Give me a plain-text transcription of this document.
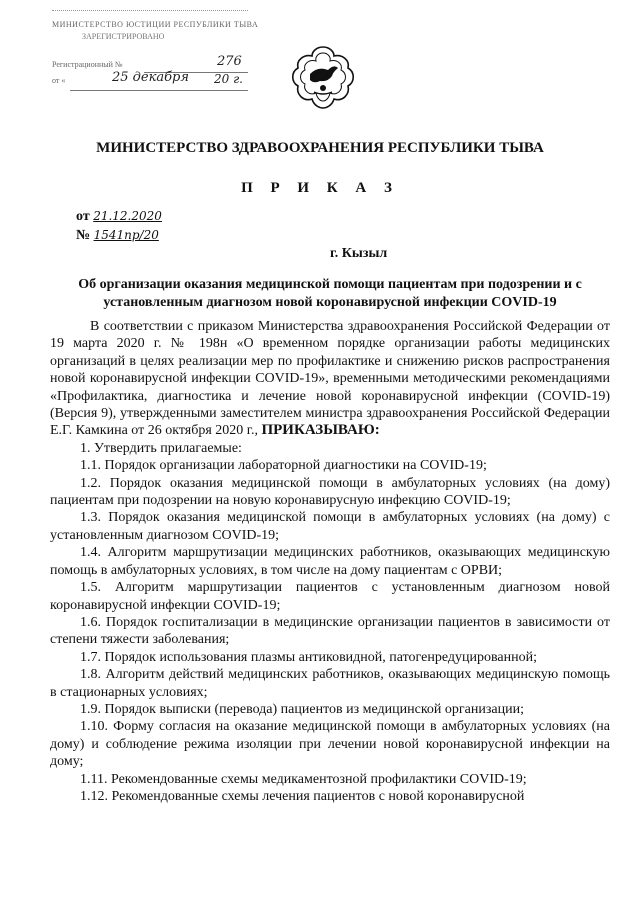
МИНИСТЕРСТВО ЮСТИЦИИ РЕСПУБЛИКИ ТЫВА
ЗАРЕГИСТРИРОВАНО
Регистрационный №	276
от «	25 декабря 20 г.
МИНИСТЕРСТВО ЗДРАВООХРАНЕНИЯ РЕСПУБЛИКИ ТЫВА
П Р И К А З
от 21.12.2020
№ 1541пр/20
г. Кызыл
Об организации оказания медицинской помощи пациентам при подозрении и с установленным диагнозом новой коронавирусной инфекции COVID-19

В соответствии с приказом Министерства здравоохранения Российской Федерации от 19 марта 2020 г. № 198н «О временном порядке организации работы медицинских организаций в целях реализации мер по профилактике и снижению рисков распространения новой коронавирусной инфекции COVID-19», временными методическими рекомендациями «Профилактика, диагностика и лечение новой коронавирусной инфекции (COVID-19) (Версия 9), утвержденными заместителем министра здравоохранения Российской Федерации Е.Г. Камкина от 26 октября 2020 г., ПРИКАЗЫВАЮ:

1. Утвердить прилагаемые:

1.1. Порядок организации лабораторной диагностики на COVID-19;

1.2. Порядок оказания медицинской помощи в амбулаторных условиях (на дому) пациентам при подозрении на новую коронавирусную инфекцию COVID-19;

1.3. Порядок оказания медицинской помощи в амбулаторных условиях (на дому) с установленным диагнозом COVID-19;

1.4. Алгоритм маршрутизации медицинских работников, оказывающих медицинскую помощь в амбулаторных условиях, в том числе на дому пациентам с ОРВИ;

1.5. Алгоритм маршрутизации пациентов с установленным диагнозом новой коронавирусной инфекции COVID-19;

1.6. Порядок госпитализации в медицинские организации пациентов в зависимости от степени тяжести заболевания;

1.7. Порядок использования плазмы антиковидной, патогенредуцированной;

1.8. Алгоритм действий медицинских работников, оказывающих медицинскую помощь в стационарных условиях;

1.9. Порядок выписки (перевода) пациентов из медицинской организации;

1.10. Форму согласия на оказание медицинской помощи в амбулаторных условиях (на дому) и соблюдение режима изоляции при лечении новой коронавирусной инфекции на дому;

1.11. Рекомендованные схемы медикаментозной профилактики COVID-19;

1.12. Рекомендованные схемы лечения пациентов с новой коронавирусной
